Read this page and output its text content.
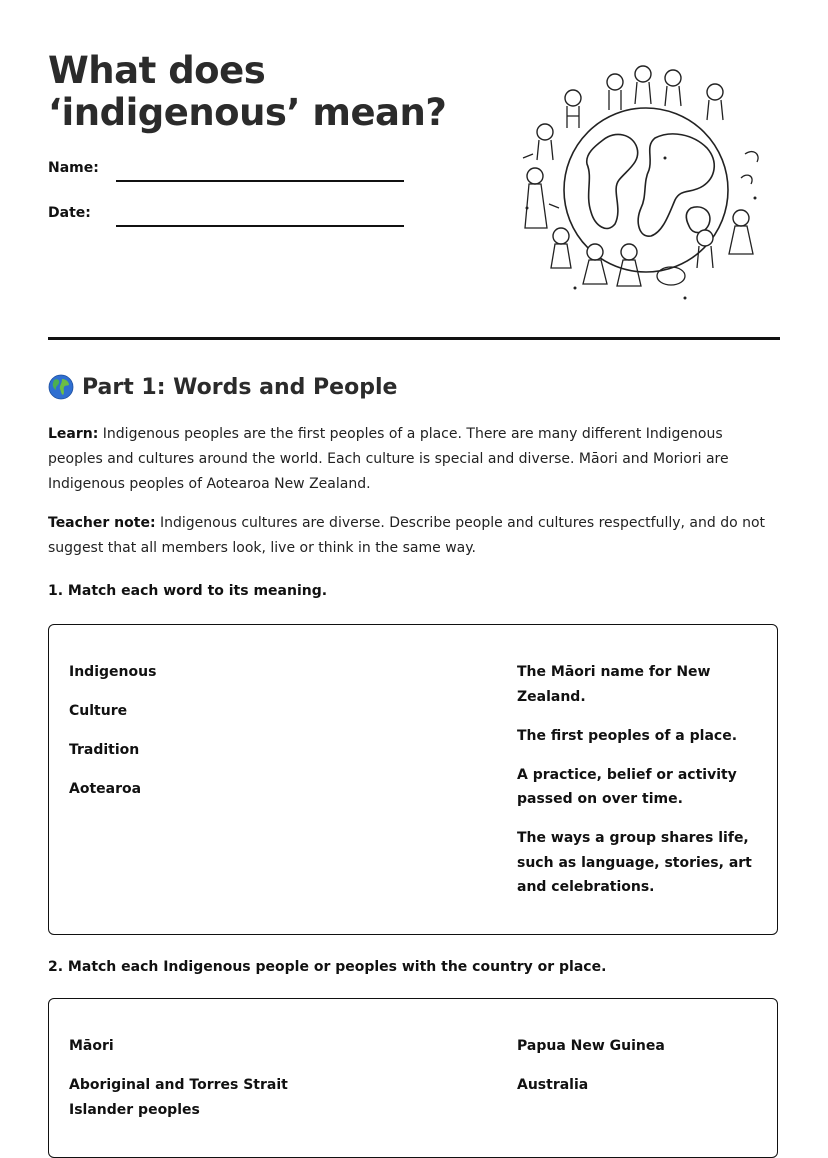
What does ‘indigenous’ mean?
Name:
Date:
Part 1: Words and People

Learn: Indigenous peoples are the first peoples of a place. There are many different Indigenous peoples and cultures around the world. Each culture is special and diverse. Māori and Moriori are Indigenous peoples of Aotearoa New Zealand.

Teacher note: Indigenous cultures are diverse. Describe people and cultures respectfully, and do not suggest that all members look, live or think in the same way.

1. Match each word to its meaning.

Indigenous
Culture
Tradition
Aotearoa
The Māori name for New Zealand.
The first peoples of a place.
A practice, belief or activity passed on over time.
The ways a group shares life, such as language, stories, art and celebrations.

2. Match each Indigenous people or peoples with the country or place.

Māori
Aboriginal and Torres Strait Islander peoples
Papua New Guinea
Australia
